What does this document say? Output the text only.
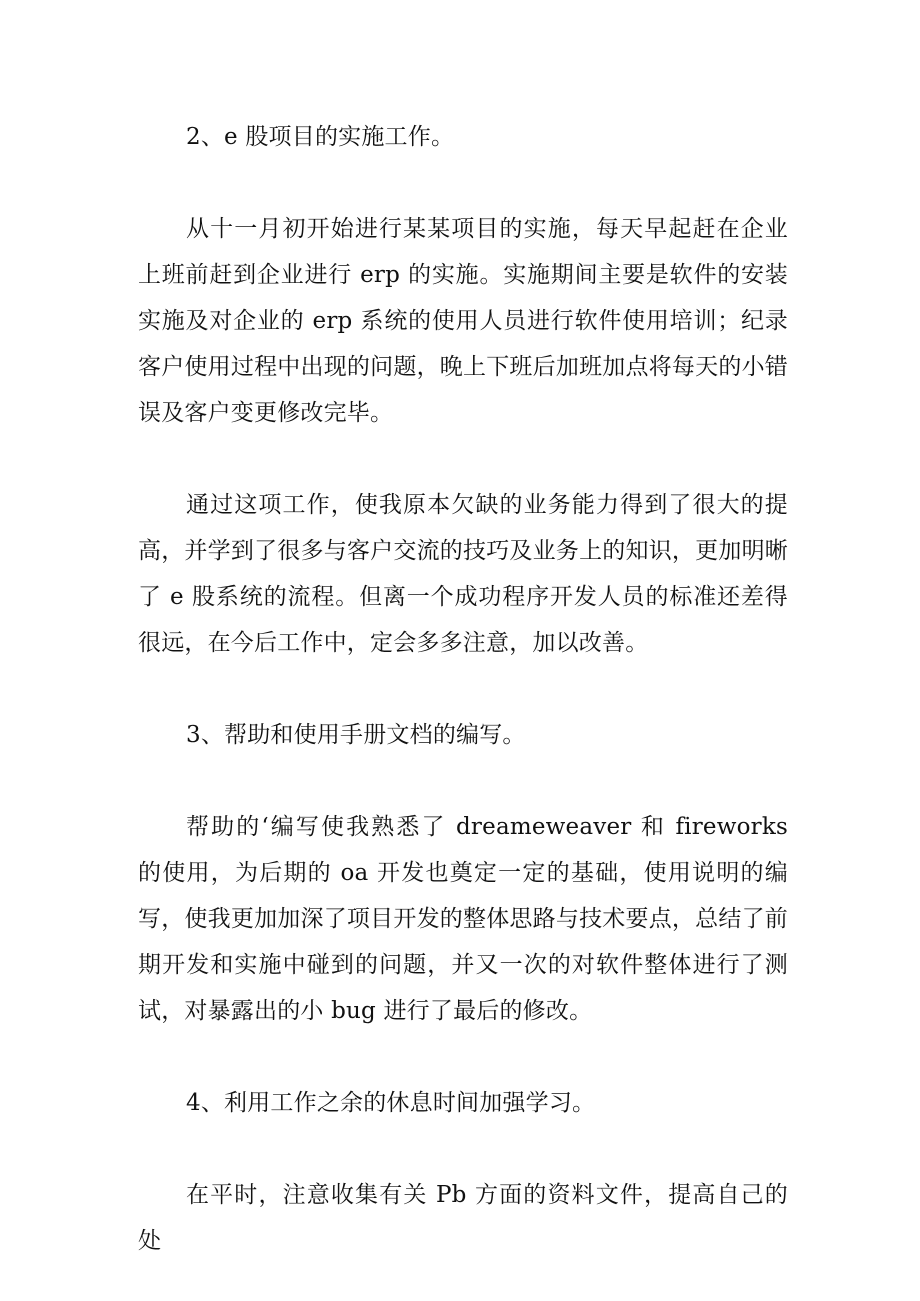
2、e 股项目的实施工作。

从十一月初开始进行某某项目的实施，每天早起赶在企业上班前赶到企业进行 erp 的实施。实施期间主要是软件的安装实施及对企业的 erp 系统的使用人员进行软件使用培训；纪录客户使用过程中出现的问题，晚上下班后加班加点将每天的小错误及客户变更修改完毕。

通过这项工作，使我原本欠缺的业务能力得到了很大的提高，并学到了很多与客户交流的技巧及业务上的知识，更加明晰了 e 股系统的流程。但离一个成功程序开发人员的标准还差得很远，在今后工作中，定会多多注意，加以改善。

3、帮助和使用手册文档的编写。

帮助的‘编写使我熟悉了 dreameweaver 和 fireworks 的使用，为后期的 oa 开发也奠定一定的基础，使用说明的编写，使我更加加深了项目开发的整体思路与技术要点，总结了前期开发和实施中碰到的问题，并又一次的对软件整体进行了测试，对暴露出的小 bug 进行了最后的修改。

4、利用工作之余的休息时间加强学习。

在平时，注意收集有关 Pb 方面的资料文件，提高自己的处
